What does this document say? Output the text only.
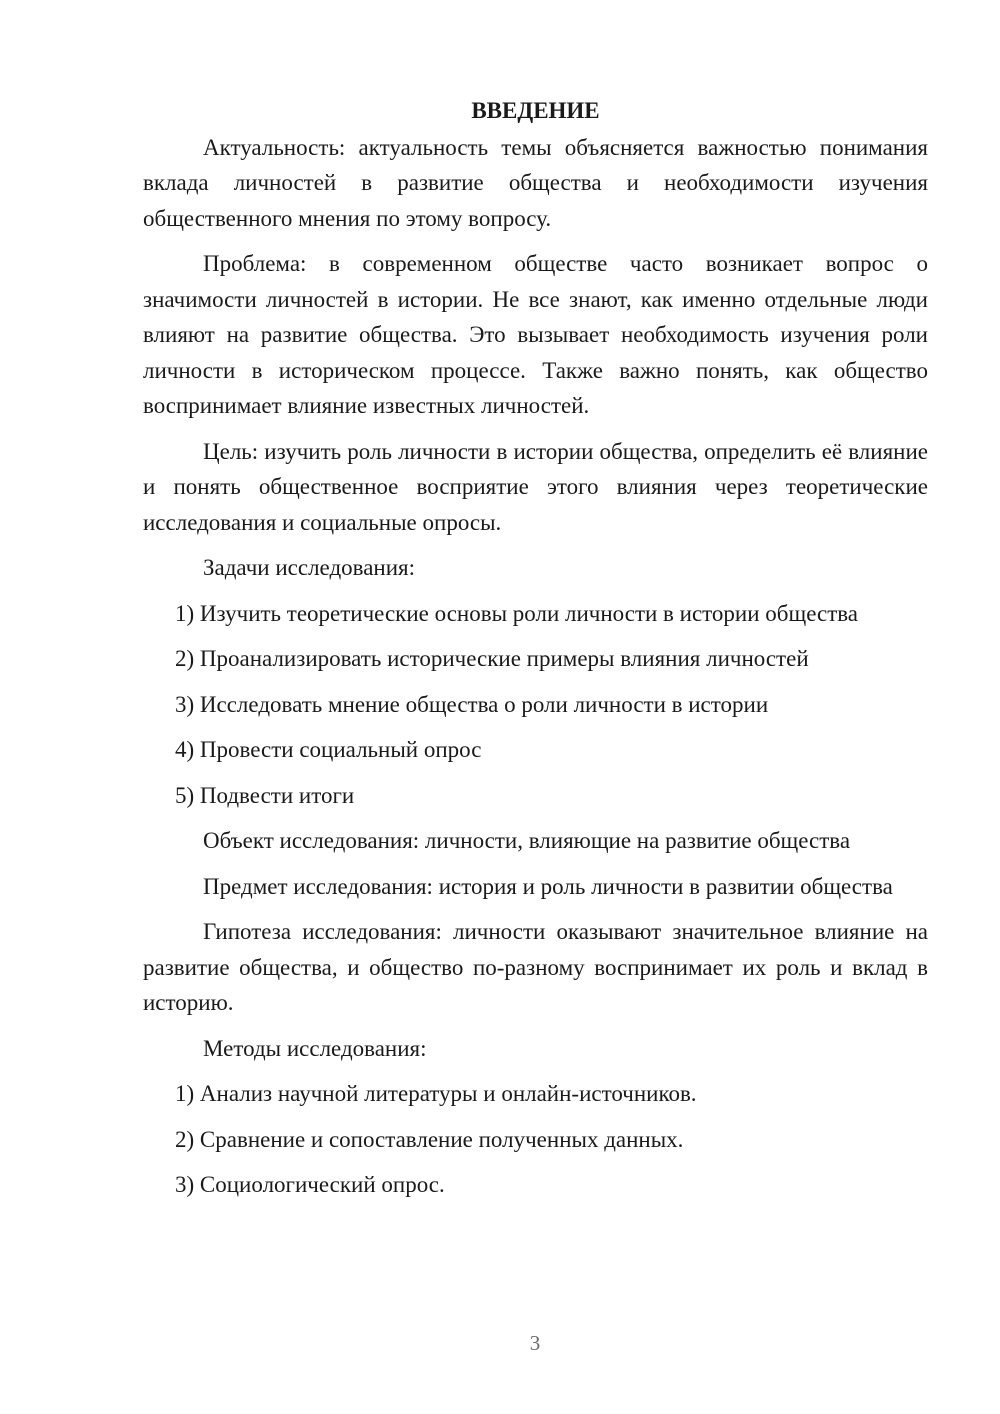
ВВЕДЕНИЕ

Актуальность: актуальность темы объясняется важностью понимания вклада личностей в развитие общества и необходимости изучения общественного мнения по этому вопросу.

Проблема: в современном обществе часто возникает вопрос о значимости личностей в истории. Не все знают, как именно отдельные люди влияют на развитие общества. Это вызывает необходимость изучения роли личности в историческом процессе. Также важно понять, как общество воспринимает влияние известных личностей.

Цель: изучить роль личности в истории общества, определить её влияние и понять общественное восприятие этого влияния через теоретические исследования и социальные опросы.

Задачи исследования:

1) Изучить теоретические основы роли личности в истории общества
2) Проанализировать исторические примеры влияния личностей
3) Исследовать мнение общества о роли личности в истории
4) Провести социальный опрос
5) Подвести итоги

Объект исследования: личности, влияющие на развитие общества

Предмет исследования: история и роль личности в развитии общества

Гипотеза исследования: личности оказывают значительное влияние на развитие общества, и общество по-разному воспринимает их роль и вклад в историю.

Методы исследования:

1) Анализ научной литературы и онлайн-источников.
2) Сравнение и сопоставление полученных данных.
3) Социологический опрос.
3
